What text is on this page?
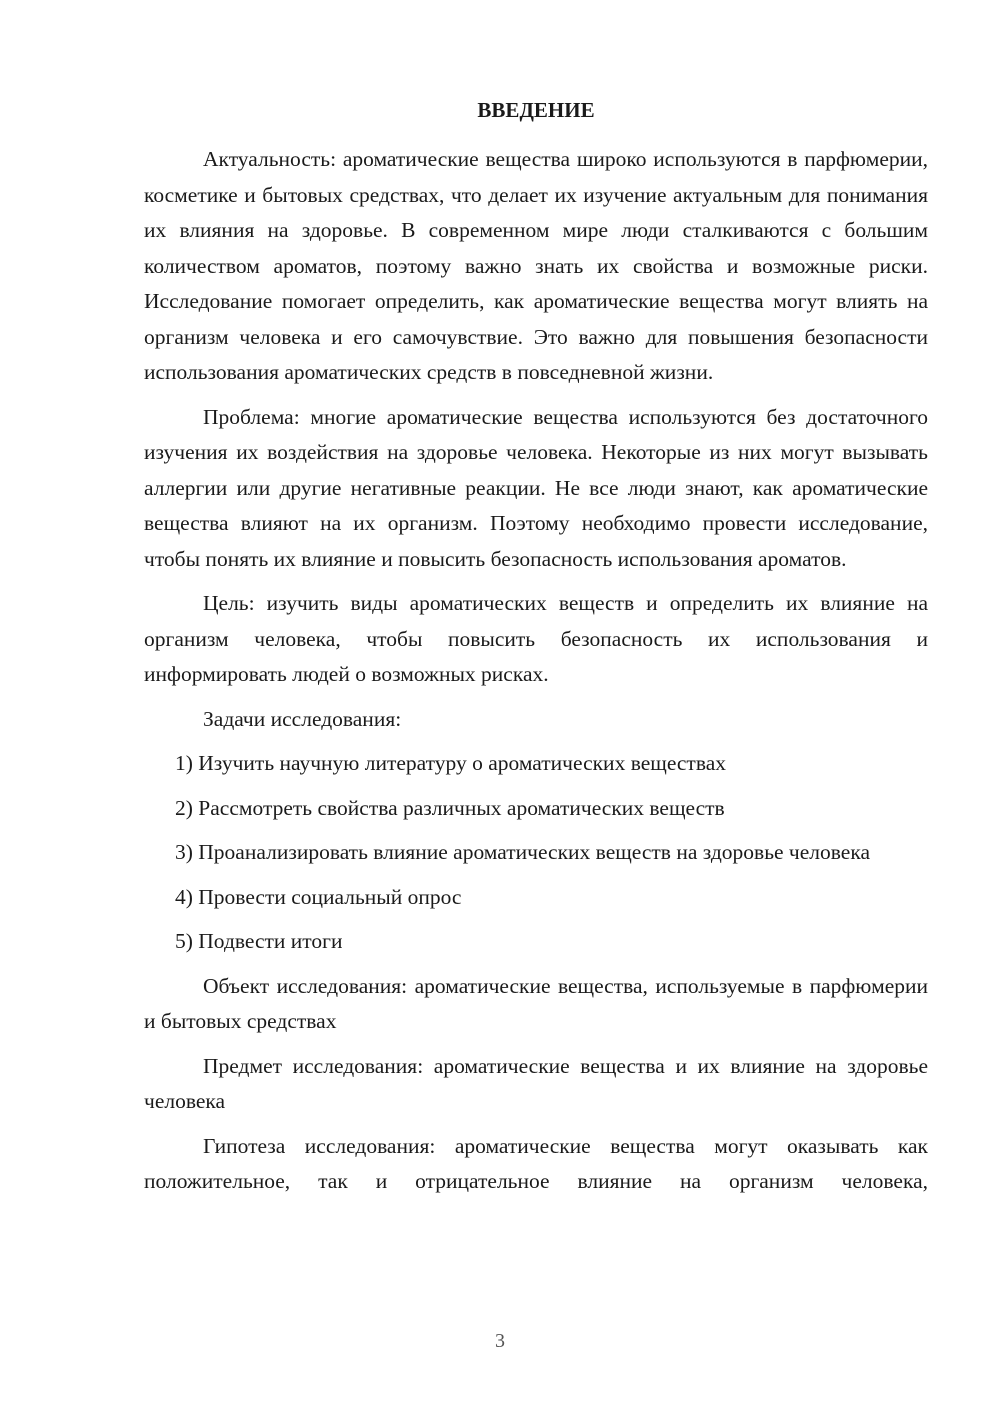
ВВЕДЕНИЕ

Актуальность: ароматические вещества широко используются в парфюмерии, косметике и бытовых средствах, что делает их изучение актуальным для понимания их влияния на здоровье. В современном мире люди сталкиваются с большим количеством ароматов, поэтому важно знать их свойства и возможные риски. Исследование помогает определить, как ароматические вещества могут влиять на организм человека и его самочувствие. Это важно для повышения безопасности использования ароматических средств в повседневной жизни.

Проблема: многие ароматические вещества используются без достаточного изучения их воздействия на здоровье человека. Некоторые из них могут вызывать аллергии или другие негативные реакции. Не все люди знают, как ароматические вещества влияют на их организм. Поэтому необходимо провести исследование, чтобы понять их влияние и повысить безопасность использования ароматов.

Цель: изучить виды ароматических веществ и определить их влияние на организм человека, чтобы повысить безопасность их использования и информировать людей о возможных рисках.

Задачи исследования:

1) Изучить научную литературу о ароматических веществах

2) Рассмотреть свойства различных ароматических веществ

3) Проанализировать влияние ароматических веществ на здоровье человека

4) Провести социальный опрос

5) Подвести итоги

Объект исследования: ароматические вещества, используемые в парфюмерии и бытовых средствах

Предмет исследования: ароматические вещества и их влияние на здоровье человека

Гипотеза исследования: ароматические вещества могут оказывать как положительное, так и отрицательное влияние на организм человека,

3
